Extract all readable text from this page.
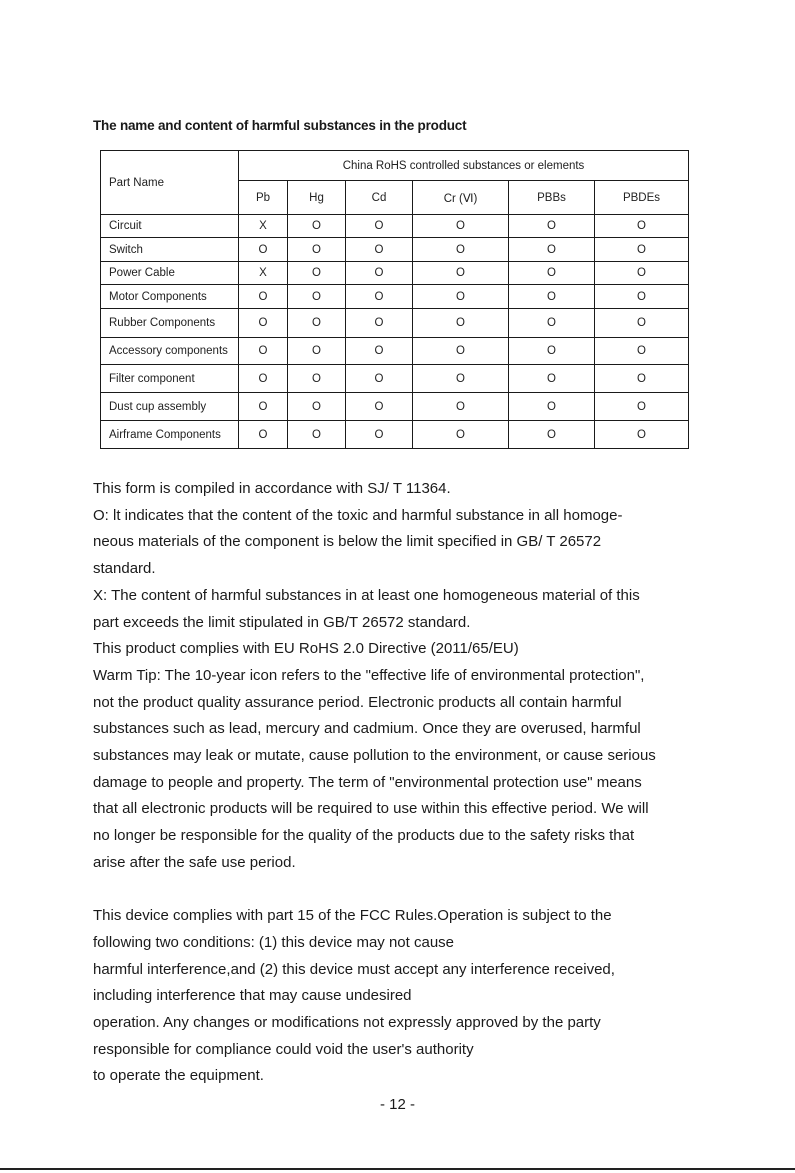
The name and content of harmful substances in the product
Part Name	China RoHS controlled substances or elements					
	Pb	Hg	Cd	Cr (Ⅵ)	PBBs	PBDEs
Circuit	X	O	O	O	O	O
Switch	O	O	O	O	O	O
Power Cable	X	O	O	O	O	O
Motor Components	O	O	O	O	O	O
Rubber Components	O	O	O	O	O	O
Accessory components	O	O	O	O	O	O
Filter component	O	O	O	O	O	O
Dust cup assembly	O	O	O	O	O	O
Airframe Components	O	O	O	O	O	O
This form is compiled in accordance with SJ/ T 11364.
O: lt indicates that the content of the toxic and harmful substance in all homoge-
neous materials of the component is below the limit specified in GB/ T 26572
standard.
X: The content of harmful substances in at least one homogeneous material of this
part exceeds the limit stipulated in GB/T 26572 standard.
This product complies with EU RoHS 2.0 Directive (2011/65/EU)
Warm Tip: The 10-year icon refers to the "effective life of environmental protection",
not the product quality assurance period. Electronic products all contain harmful
substances such as lead, mercury and cadmium. Once they are overused, harmful
substances may leak or mutate, cause pollution to the environment, or cause serious
damage to people and property. The term of "environmental protection use" means
that all electronic products will be required to use within this effective period. We will
no longer be responsible for the quality of the products due to the safety risks that
arise after the safe use period.
This device complies with part 15 of the FCC Rules.Operation is subject to the
following two conditions: (1) this device may not cause
harmful interference,and (2) this device must accept any interference received,
including interference that may cause undesired
operation. Any changes or modifications not expressly approved by the party
responsible for compliance could void the user's authority
to operate the equipment.
- 12 -
